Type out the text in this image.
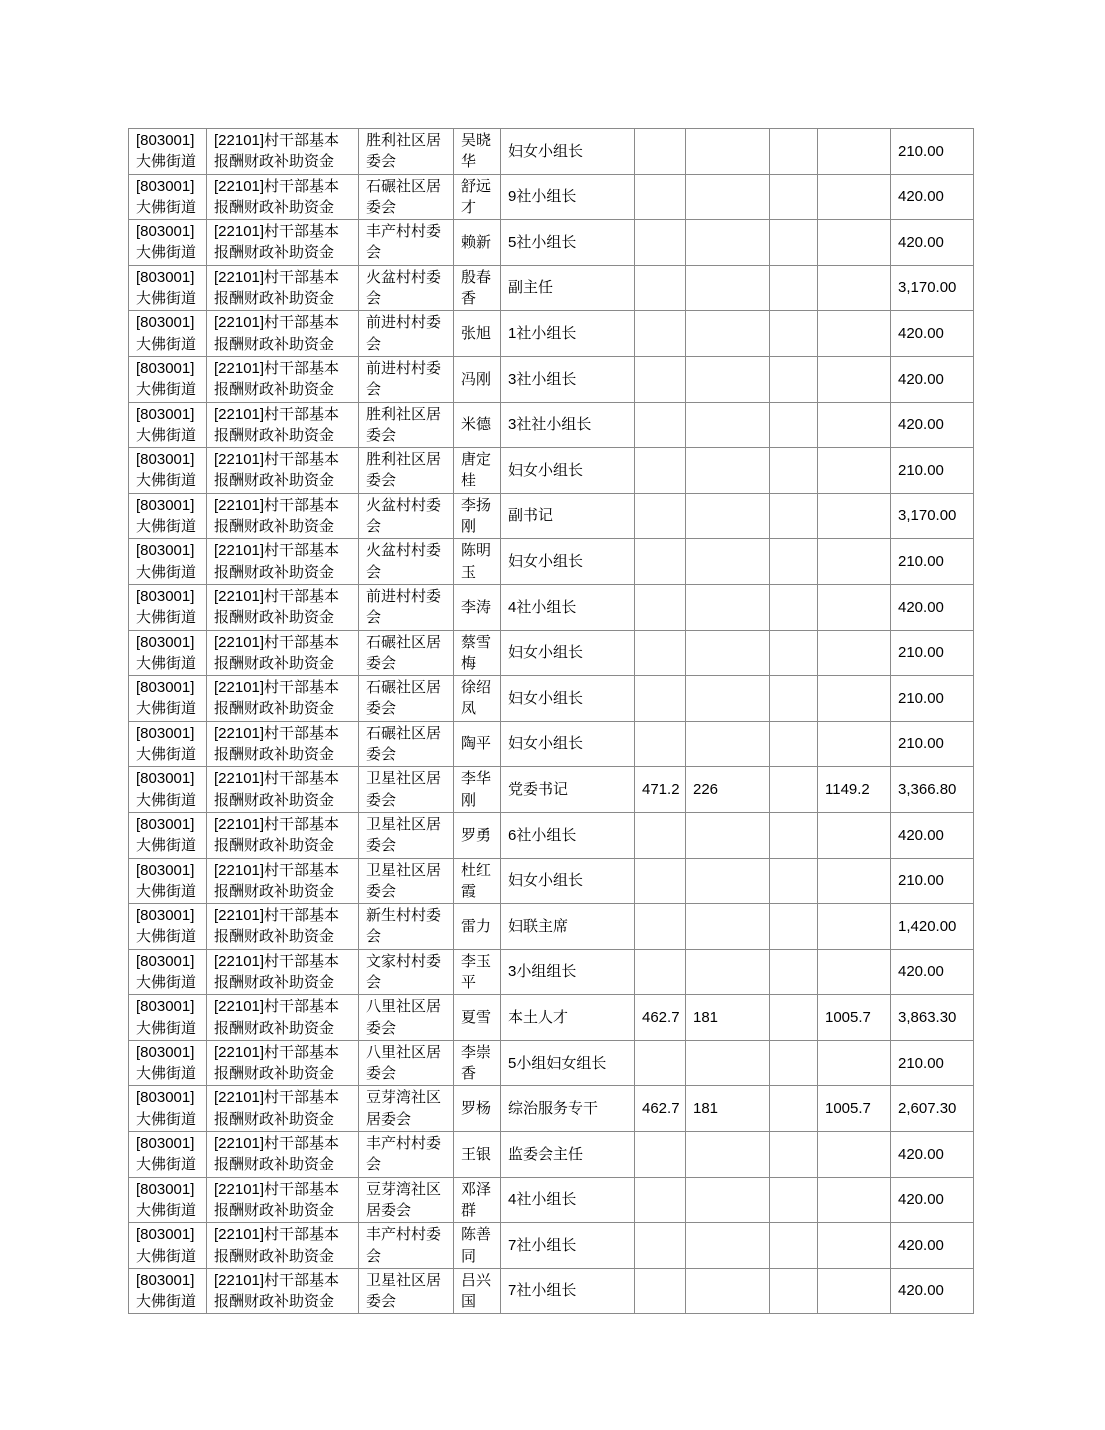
[803001]大佛街道	[22101]村干部基本报酬财政补助资金	胜利社区居委会	吴晓华	妇女小组长					210.00
[803001]大佛街道	[22101]村干部基本报酬财政补助资金	石碾社区居委会	舒远才	9社小组长					420.00
[803001]大佛街道	[22101]村干部基本报酬财政补助资金	丰产村村委会	赖新	5社小组长					420.00
[803001]大佛街道	[22101]村干部基本报酬财政补助资金	火盆村村委会	殷春香	副主任					3,170.00
[803001]大佛街道	[22101]村干部基本报酬财政补助资金	前进村村委会	张旭	1社小组长					420.00
[803001]大佛街道	[22101]村干部基本报酬财政补助资金	前进村村委会	冯刚	3社小组长					420.00
[803001]大佛街道	[22101]村干部基本报酬财政补助资金	胜利社区居委会	米德	3社社小组长					420.00
[803001]大佛街道	[22101]村干部基本报酬财政补助资金	胜利社区居委会	唐定桂	妇女小组长					210.00
[803001]大佛街道	[22101]村干部基本报酬财政补助资金	火盆村村委会	李扬刚	副书记					3,170.00
[803001]大佛街道	[22101]村干部基本报酬财政补助资金	火盆村村委会	陈明玉	妇女小组长					210.00
[803001]大佛街道	[22101]村干部基本报酬财政补助资金	前进村村委会	李涛	4社小组长					420.00
[803001]大佛街道	[22101]村干部基本报酬财政补助资金	石碾社区居委会	蔡雪梅	妇女小组长					210.00
[803001]大佛街道	[22101]村干部基本报酬财政补助资金	石碾社区居委会	徐绍凤	妇女小组长					210.00
[803001]大佛街道	[22101]村干部基本报酬财政补助资金	石碾社区居委会	陶平	妇女小组长					210.00
[803001]大佛街道	[22101]村干部基本报酬财政补助资金	卫星社区居委会	李华刚	党委书记	471.2	226		1149.2	3,366.80
[803001]大佛街道	[22101]村干部基本报酬财政补助资金	卫星社区居委会	罗勇	6社小组长					420.00
[803001]大佛街道	[22101]村干部基本报酬财政补助资金	卫星社区居委会	杜红霞	妇女小组长					210.00
[803001]大佛街道	[22101]村干部基本报酬财政补助资金	新生村村委会	雷力	妇联主席					1,420.00
[803001]大佛街道	[22101]村干部基本报酬财政补助资金	文家村村委会	李玉平	3小组组长					420.00
[803001]大佛街道	[22101]村干部基本报酬财政补助资金	八里社区居委会	夏雪	本土人才	462.7	181		1005.7	3,863.30
[803001]大佛街道	[22101]村干部基本报酬财政补助资金	八里社区居委会	李崇香	5小组妇女组长					210.00
[803001]大佛街道	[22101]村干部基本报酬财政补助资金	豆芽湾社区居委会	罗杨	综治服务专干	462.7	181		1005.7	2,607.30
[803001]大佛街道	[22101]村干部基本报酬财政补助资金	丰产村村委会	王银	监委会主任					420.00
[803001]大佛街道	[22101]村干部基本报酬财政补助资金	豆芽湾社区居委会	邓泽群	4社小组长					420.00
[803001]大佛街道	[22101]村干部基本报酬财政补助资金	丰产村村委会	陈善同	7社小组长					420.00
[803001]大佛街道	[22101]村干部基本报酬财政补助资金	卫星社区居委会	吕兴国	7社小组长					420.00
